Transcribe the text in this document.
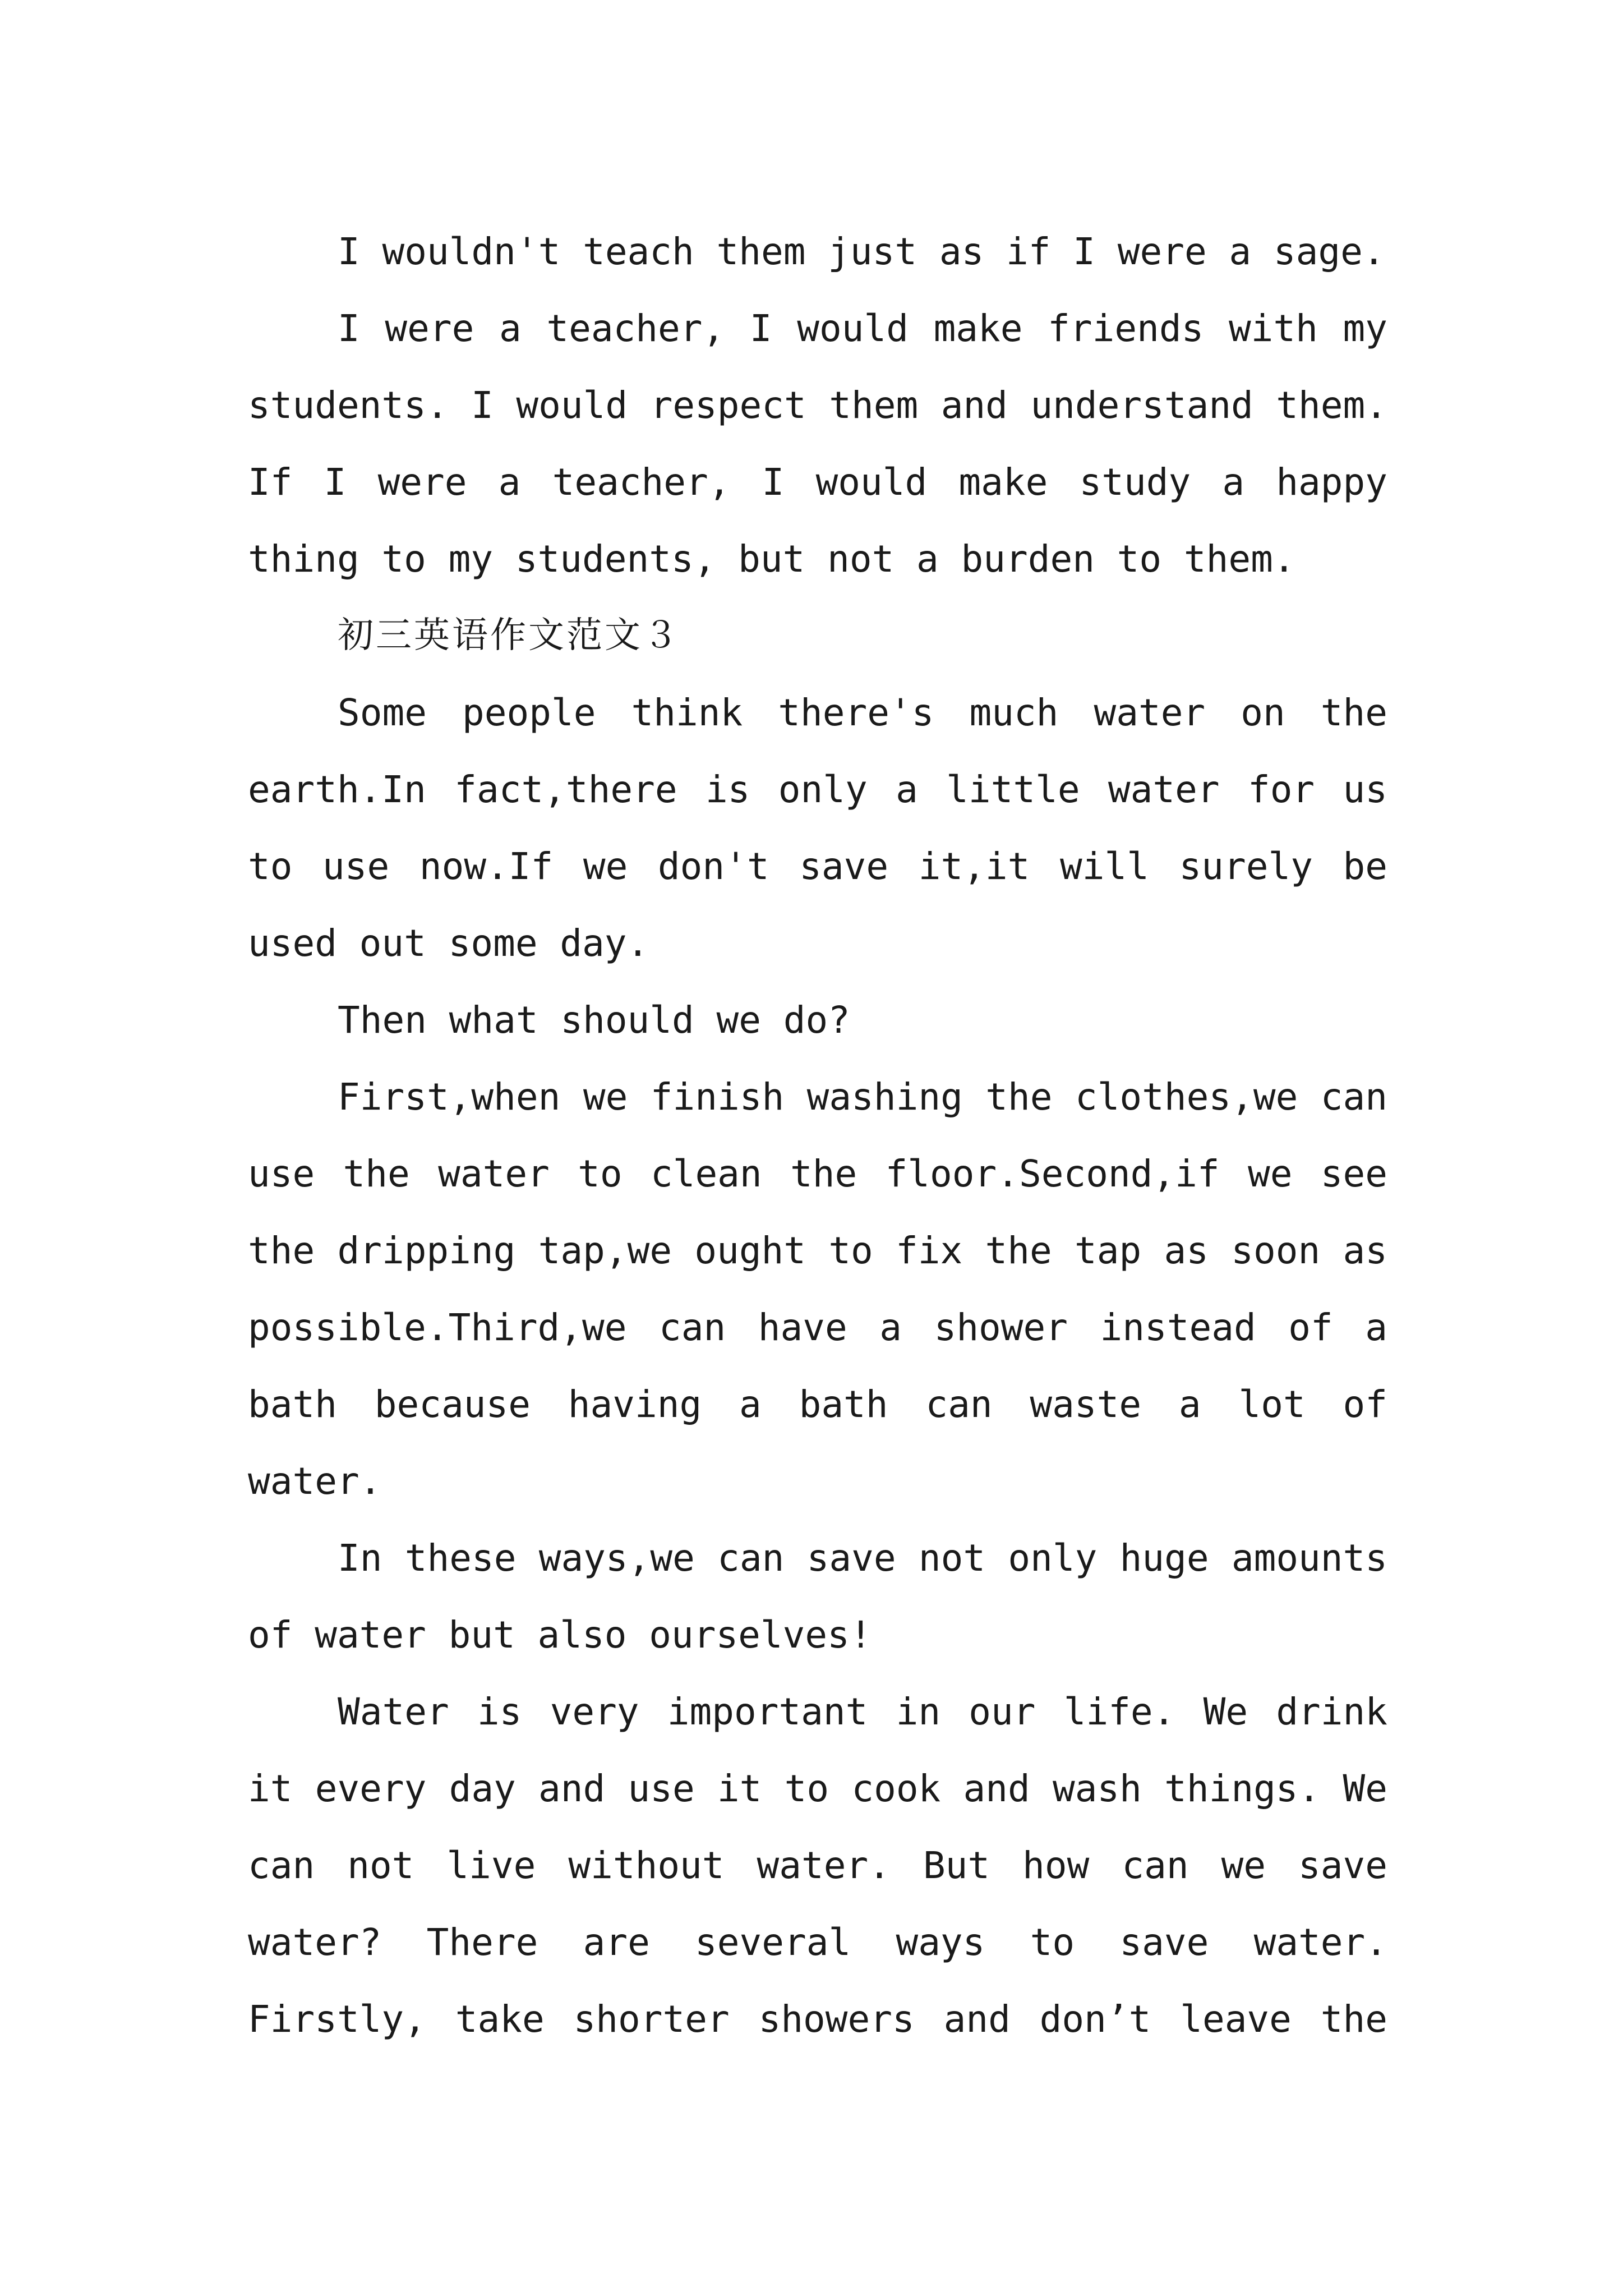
I wouldn't teach them just as if I were a sage.

I were a teacher, I would make friends with my students. I would respect them and understand them. If I were a teacher, I would make study a happy thing to my students, but not a burden to them.

初三英语作文范文３

Some people think there's much water on the earth.In fact,there is only a little water for us to use now.If we don't save it,it will surely be used out some day.

Then what should we do?

First,when we finish washing the clothes,we can use the water to clean the floor.Second,if we see the dripping tap,we ought to fix the tap as soon as possible.Third,we can have a shower instead of a bath because having a bath can waste a lot of water.

In these ways,we can save not only huge amounts of water but also ourselves!

Water is very important in our life. We drink it every day and use it to cook and wash things. We can not live without water. But how can we save water? There are several ways to save water. Firstly, take shorter showers and don’t leave the
